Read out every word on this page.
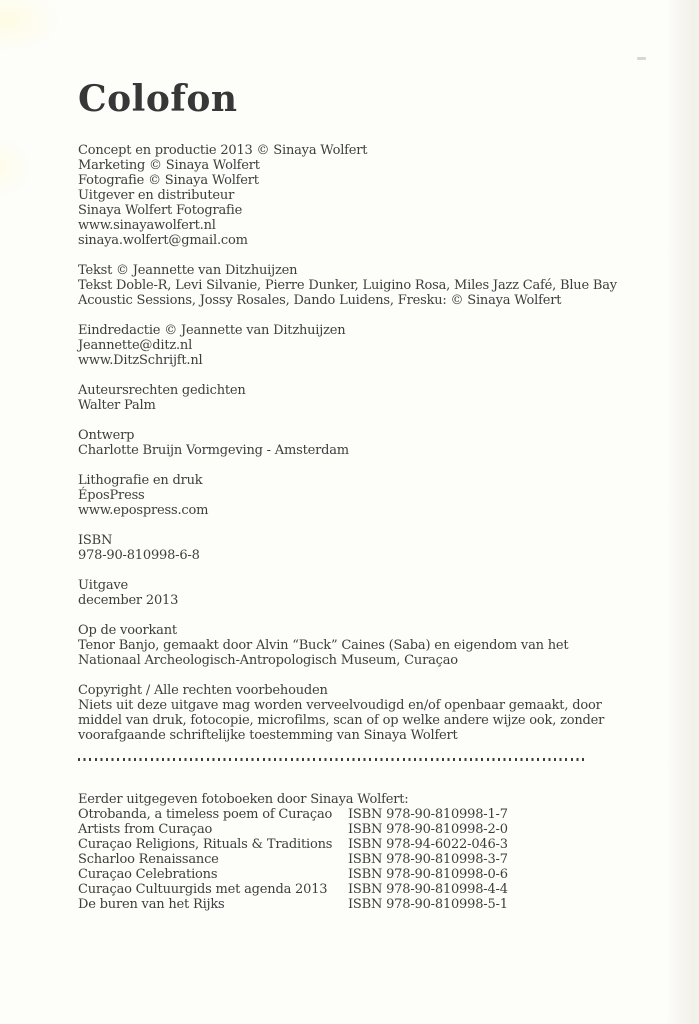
Colofon

Concept en productie 2013 © Sinaya Wolfert
Marketing © Sinaya Wolfert
Fotografie © Sinaya Wolfert
Uitgever en distributeur
Sinaya Wolfert Fotografie
www.sinayawolfert.nl
sinaya.wolfert@gmail.com

Tekst © Jeannette van Ditzhuijzen
Tekst Doble-R, Levi Silvanie, Pierre Dunker, Luigino Rosa, Miles Jazz Café, Blue Bay
Acoustic Sessions, Jossy Rosales, Dando Luidens, Fresku: © Sinaya Wolfert

Eindredactie © Jeannette van Ditzhuijzen
Jeannette@ditz.nl
www.DitzSchrijft.nl

Auteursrechten gedichten
Walter Palm

Ontwerp
Charlotte Bruijn Vormgeving - Amsterdam

Lithografie en druk
ÉposPress
www.epospress.com

ISBN
978-90-810998-6-8

Uitgave
december 2013

Op de voorkant
Tenor Banjo, gemaakt door Alvin “Buck” Caines (Saba) en eigendom van het
Nationaal Archeologisch-Antropologisch Museum, Curaçao

Copyright / Alle rechten voorbehouden
Niets uit deze uitgave mag worden verveelvoudigd en/of openbaar gemaakt, door
middel van druk, fotocopie, microfilms, scan of op welke andere wijze ook, zonder
voorafgaande schriftelijke toestemming van Sinaya Wolfert

Eerder uitgegeven fotoboeken door Sinaya Wolfert:
Otrobanda, a timeless poem of Curaçao	ISBN 978-90-810998-1-7
Artists from Curaçao	ISBN 978-90-810998-2-0
Curaçao Religions, Rituals & Traditions	ISBN 978-94-6022-046-3
Scharloo Renaissance	ISBN 978-90-810998-3-7
Curaçao Celebrations	ISBN 978-90-810998-0-6
Curaçao Cultuurgids met agenda 2013	ISBN 978-90-810998-4-4
De buren van het Rijks	ISBN 978-90-810998-5-1
